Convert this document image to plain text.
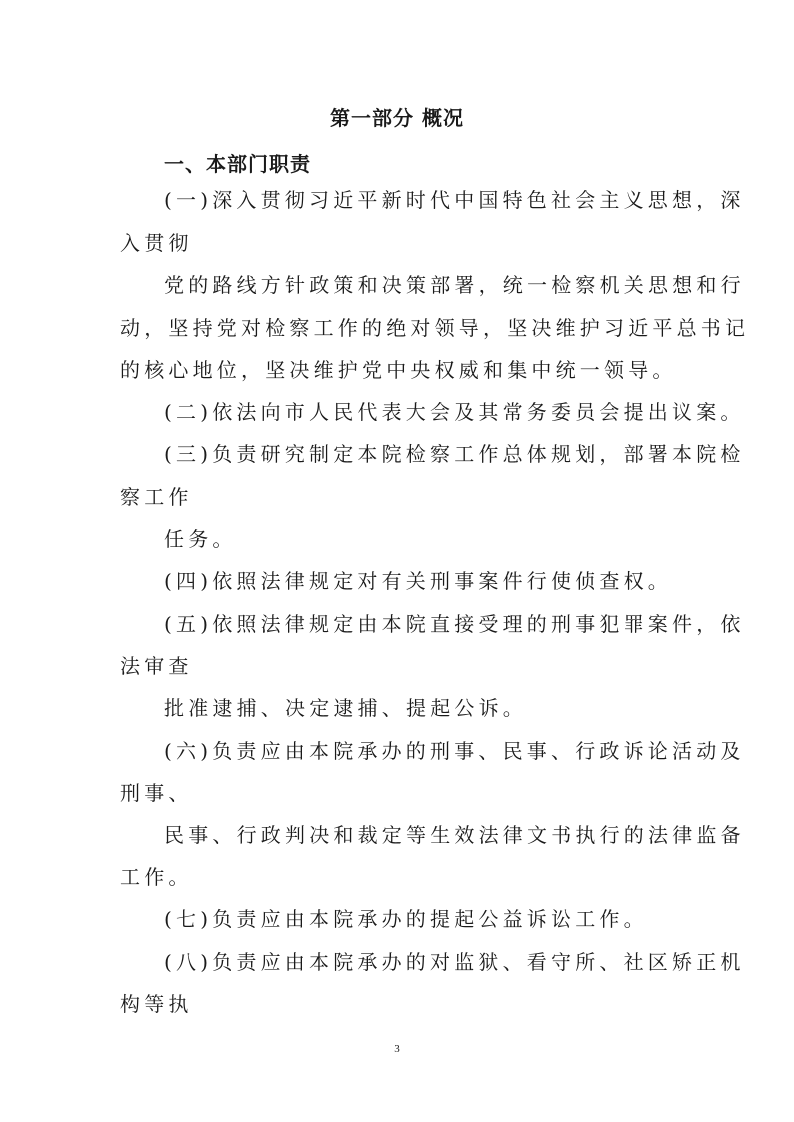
第一部分 概况
一、本部门职责
(一)深入贯彻习近平新时代中国特色社会主义思想，深
入贯彻
党的路线方针政策和决策部署，统一检察机关思想和行
动，坚持党对检察工作的绝对领导，坚决维护习近平总书记
的核心地位，坚决维护党中央权威和集中统一领导。
(二)依法向市人民代表大会及其常务委员会提出议案。
(三)负责研究制定本院检察工作总体规划，部署本院检
察工作
任务。
(四)依照法律规定对有关刑事案件行使侦查权。
(五)依照法律规定由本院直接受理的刑事犯罪案件，依
法审查
批准逮捕、决定逮捕、提起公诉。
(六)负责应由本院承办的刑事、民事、行政诉论活动及
刑事、
民事、行政判决和裁定等生效法律文书执行的法律监备
工作。
(七)负责应由本院承办的提起公益诉讼工作。
(八)负责应由本院承办的对监狱、看守所、社区矫正机
构等执
3
